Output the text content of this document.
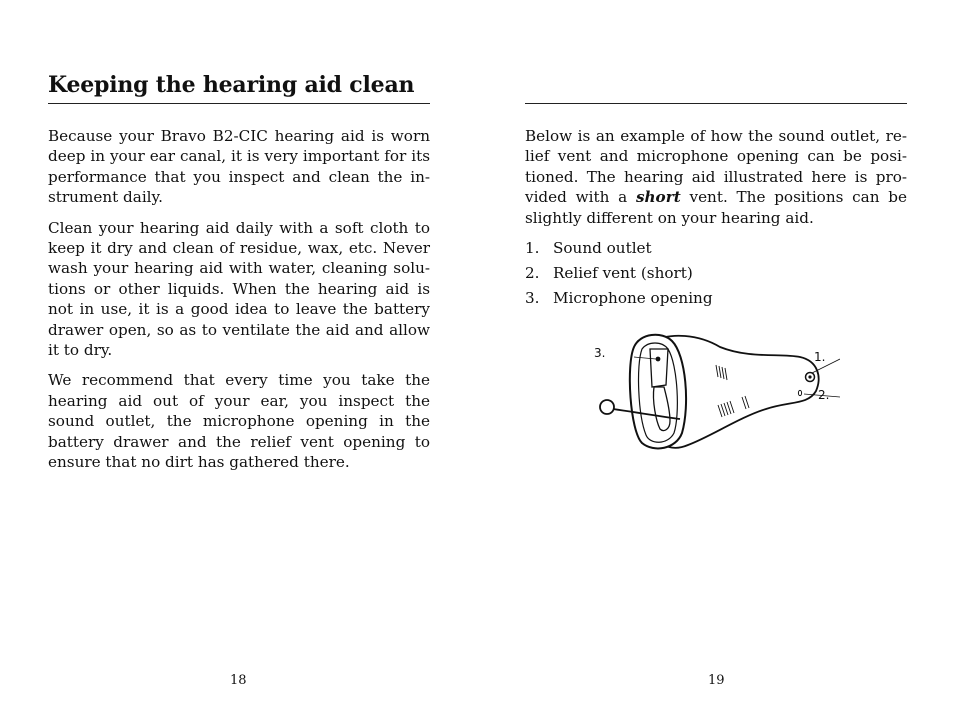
Keeping the hearing aid clean

Because your Bravo B2-CIC hearing aid is worn deep in your ear canal, it is very important for its performance that you inspect and clean the instrument daily.

Clean your hearing aid daily with a soft cloth to keep it dry and clean of residue, wax, etc. Never wash your hearing aid with water, cleaning solutions or other liquids. When the hearing aid is not in use, it is a good idea to leave the battery drawer open, so as to ventilate the aid and allow it to dry.

We recommend that every time you take the hearing aid out of your ear, you inspect the sound outlet, the microphone opening in the battery drawer and the relief vent opening to ensure that no dirt has gathered there.

18

Below is an example of how the sound outlet, relief vent and microphone opening can be positioned. The hearing aid illustrated here is provided with a short vent. The positions can be slightly different on your hearing aid.

1. Sound outlet
2. Relief vent (short)
3. Microphone opening
3.	1.
2.
19
